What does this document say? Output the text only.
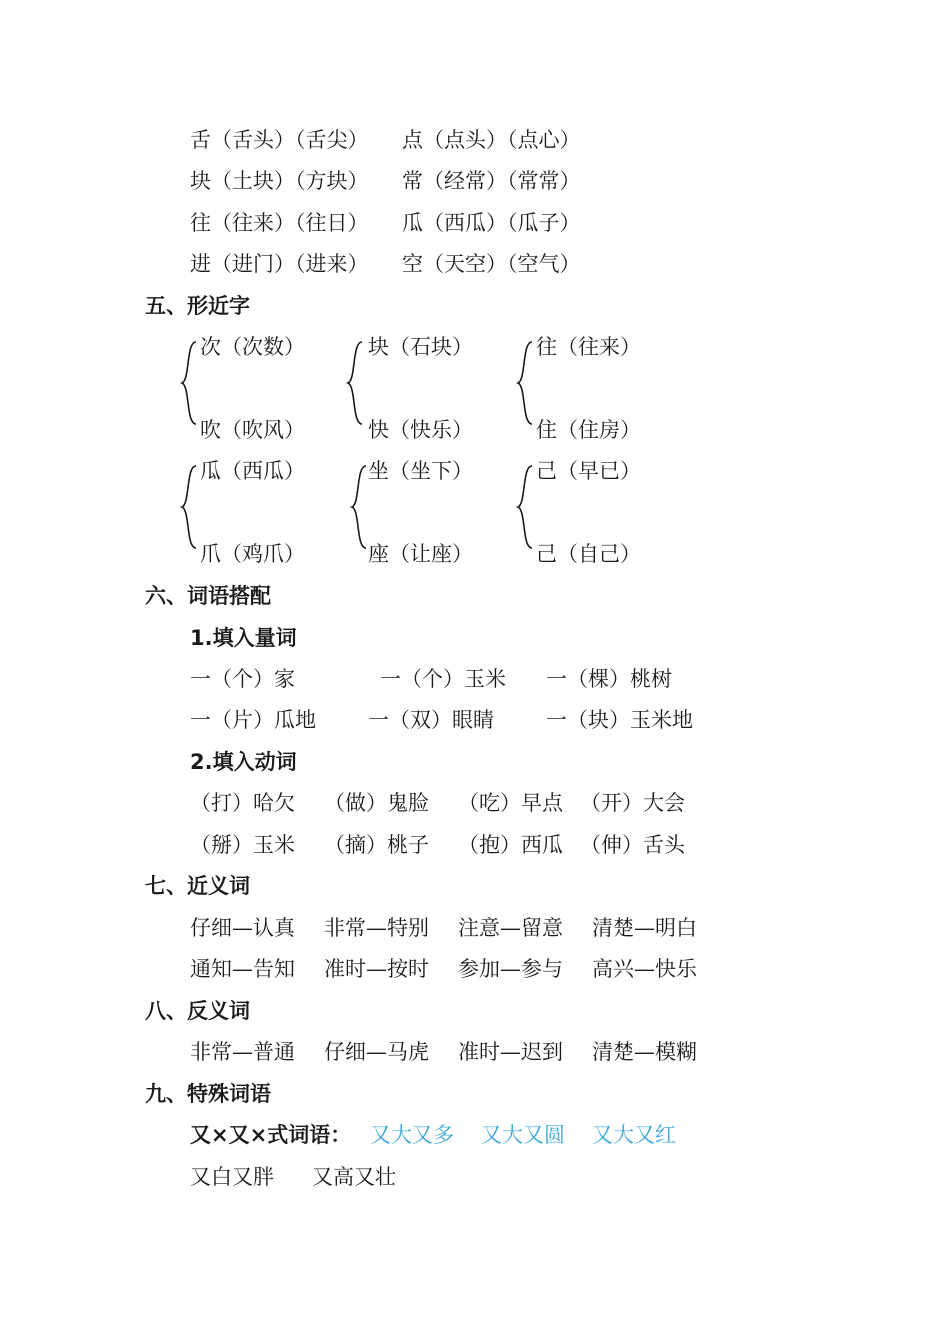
舌（舌头）（舌尖） 点（点头）（点心）
块（土块）（方块） 常（经常）（常常）
往（往来）（往日） 瓜（西瓜）（瓜子）
进（进门）（进来） 空（天空）（空气）
五、形近字
次（次数）
吹（吹风）
块（石块）
快（快乐）
往（往来）
住（住房）
瓜（西瓜）
爪（鸡爪）
坐（坐下）
座（让座）
己（早已）
己（自己）
六、词语搭配
1.填入量词
一（个）家	一（个）玉米 一（棵）桃树
一（片）瓜地 一（双）眼睛 一（块）玉米地
2.填入动词
（打）哈欠 （做）鬼脸 （吃）早点 （开）大会
（掰）玉米 （摘）桃子 （抱）西瓜 （伸）舌头
七、近义词
仔细—认真 非常—特别 注意—留意 清楚—明白
通知—告知 准时—按时 参加—参与 高兴—快乐
八、反义词
非常—普通 仔细—马虎 准时—迟到 清楚—模糊
九、特殊词语
又×又×式词语： 又大又多 又大又圆 又大又红
又白又胖 又高又壮
